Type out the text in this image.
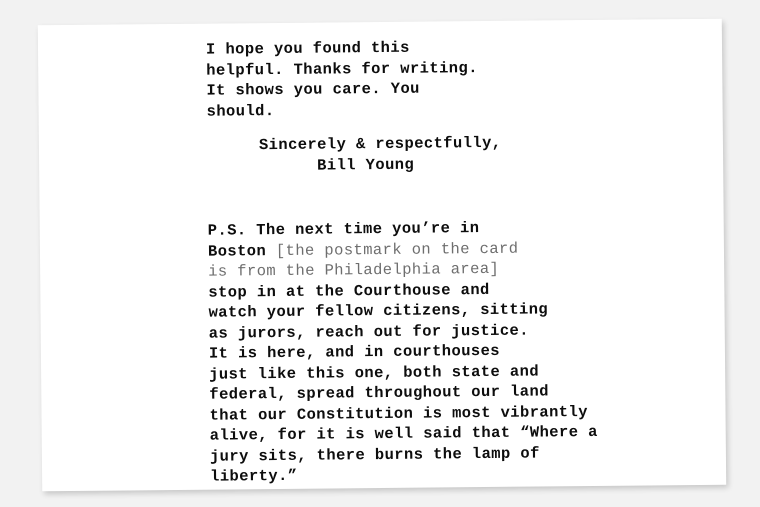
I hope you found this
helpful. Thanks for writing.
It shows you care. You
should.
Sincerely & respectfully,
Bill Young
P.S. The next time you’re in
Boston [the postmark on the card
is from the Philadelphia area]
stop in at the Courthouse and
watch your fellow citizens, sitting
as jurors, reach out for justice.
It is here, and in courthouses
just like this one, both state and
federal, spread throughout our land
that our Constitution is most vibrantly
alive, for it is well said that “Where a
jury sits, there burns the lamp of
liberty.”
